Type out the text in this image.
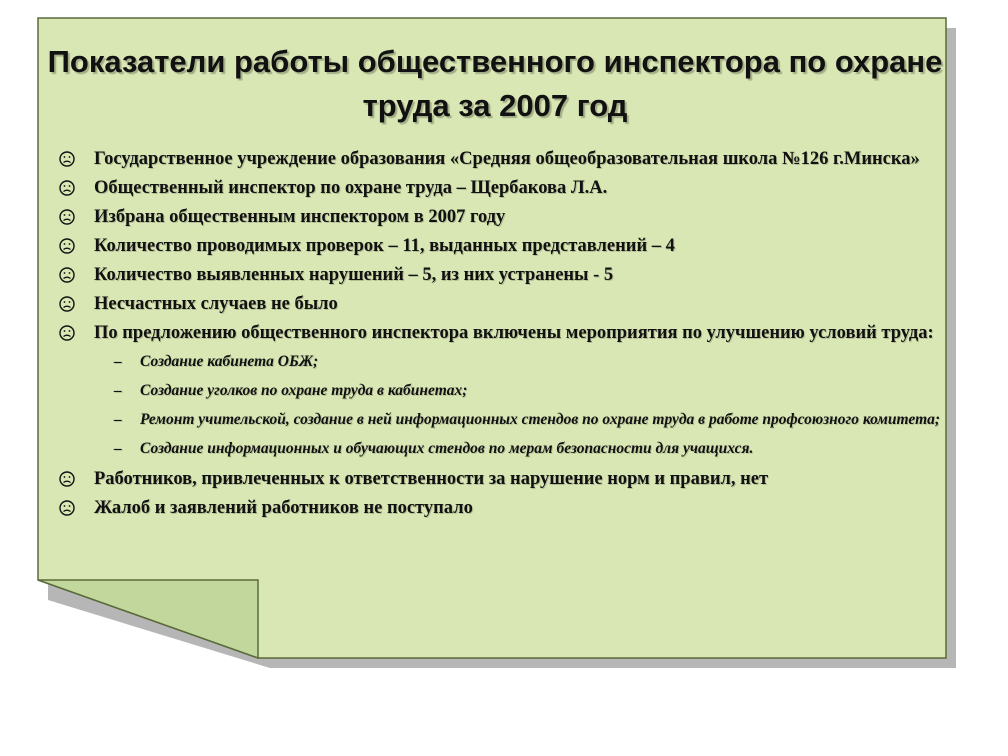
Показатели работы общественного инспектора по охране
труда за 2007 год
Государственное учреждение образования «Средняя общеобразовательная школа №126 г.Минска»
Общественный инспектор по охране труда – Щербакова Л.А.
Избрана общественным инспектором в 2007 году
Количество проводимых проверок – 11, выданных представлений – 4
Количество выявленных нарушений – 5, из них устранены - 5
Несчастных случаев не было
По предложению общественного инспектора включены мероприятия по улучшению условий труда:
– Создание кабинета ОБЖ;
– Создание уголков по охране труда в кабинетах;
– Ремонт учительской, создание в ней информационных стендов по охране труда в работе профсоюзного комитета;
– Создание информационных и обучающих стендов по мерам безопасности для учащихся.
Работников, привлеченных к ответственности за нарушение норм и правил, нет
Жалоб и заявлений работников не поступало
